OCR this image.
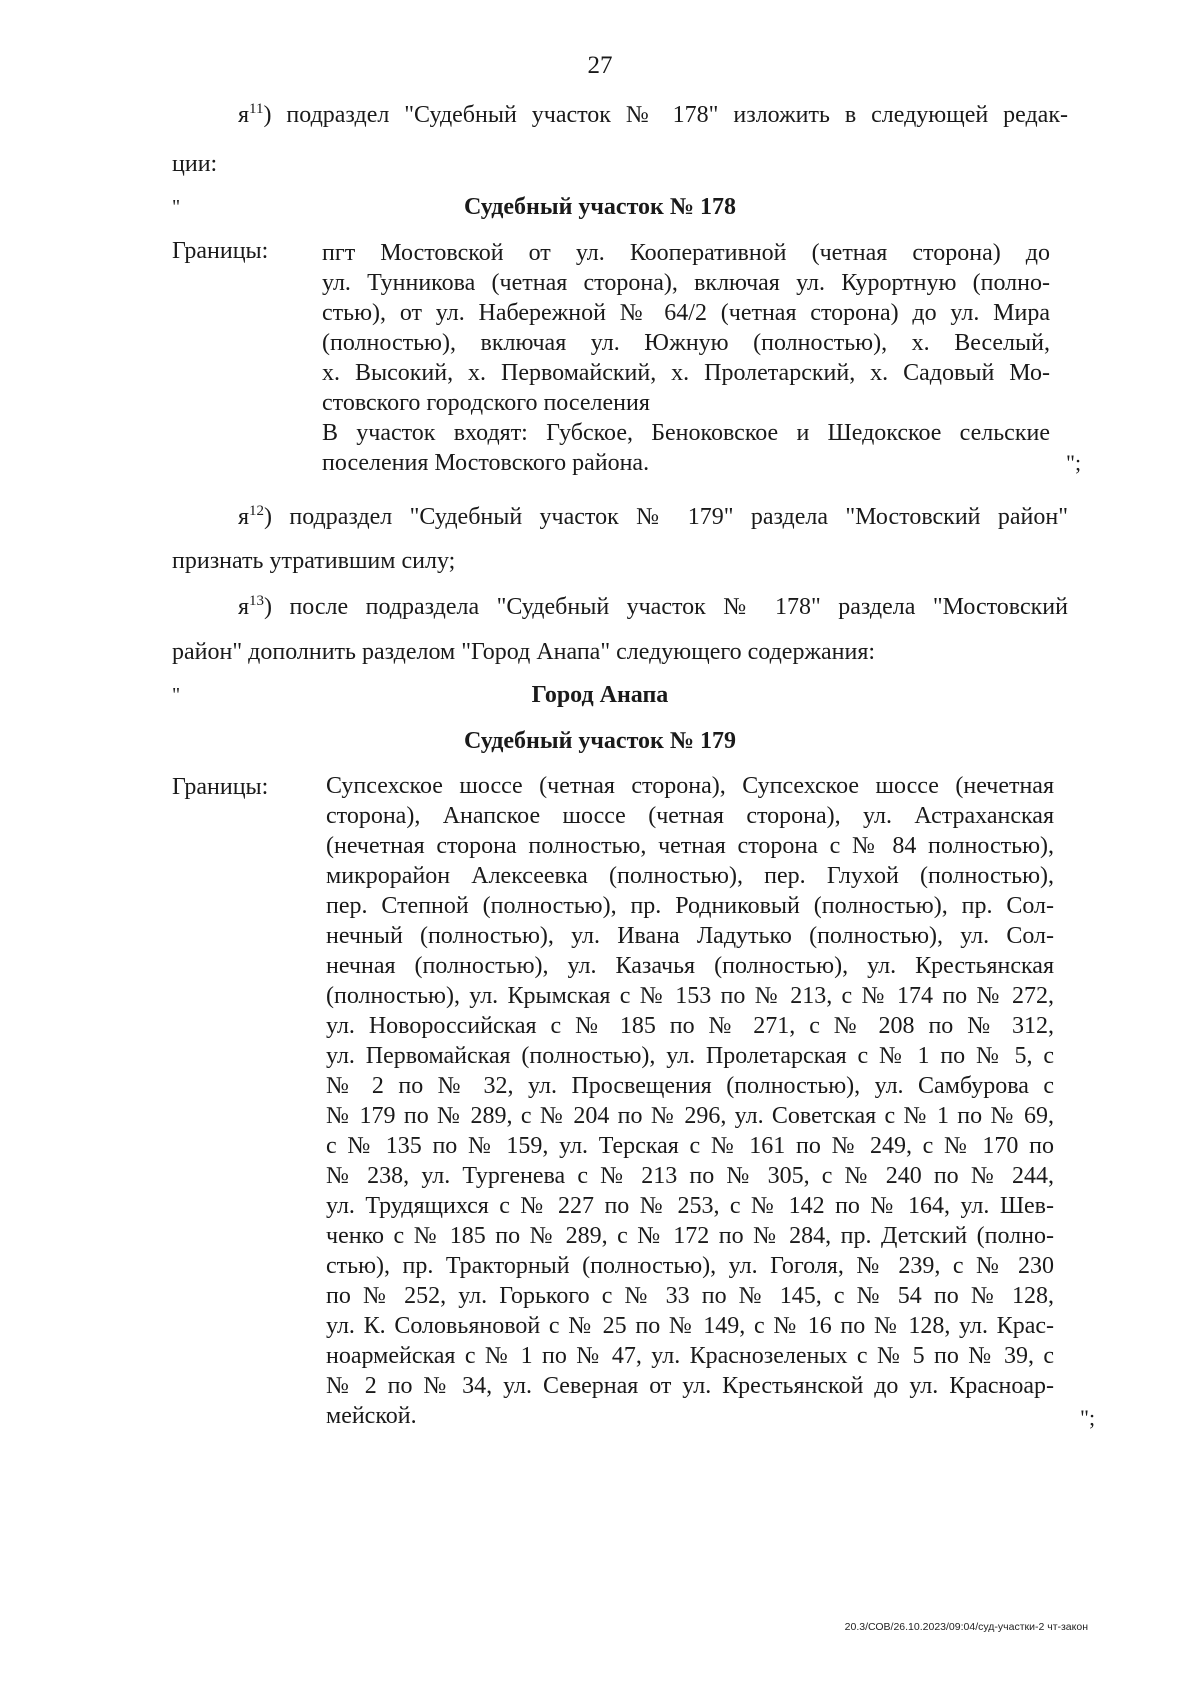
27
$я^{11}$) подраздел "Судебный участок № 178" изложить в следующей редак-
ции:
"	Судебный участок № 178
Границы: пгт Мостовской от ул. Кооперативной (четная сторона) до
ул. Тунникова (четная сторона), включая ул. Курортную (полно-
стью), от ул. Набережной № 64/2 (четная сторона) до ул. Мира
(полностью), включая ул. Южную (полностью), х. Веселый,
х. Высокий, х. Первомайский, х. Пролетарский, х. Садовый Мо-
стовского городского поселения
В участок входят: Губское, Беноковское и Шедокское сельские
поселения Мостовского района.	";
$я^{12}$) подраздел "Судебный участок № 179" раздела "Мостовский район"
признать утратившим силу;
$я^{13}$) после подраздела "Судебный участок № 178" раздела "Мостовский
район" дополнить разделом "Город Анапа" следующего содержания:
"	Город Анапа
Судебный участок № 179
Границы: Супсехское шоссе (четная сторона), Супсехское шоссе (нечетная
сторона), Анапское шоссе (четная сторона), ул. Астраханская
(нечетная сторона полностью, четная сторона с № 84 полностью),
микрорайон Алексеевка (полностью), пер. Глухой (полностью),
пер. Степной (полностью), пр. Родниковый (полностью), пр. Сол-
нечный (полностью), ул. Ивана Ладутько (полностью), ул. Сол-
нечная (полностью), ул. Казачья (полностью), ул. Крестьянская
(полностью), ул. Крымская с № 153 по № 213, с № 174 по № 272,
ул. Новороссийская с № 185 по № 271, с № 208 по № 312,
ул. Первомайская (полностью), ул. Пролетарская с № 1 по № 5, с
№ 2 по № 32, ул. Просвещения (полностью), ул. Самбурова с
№ 179 по № 289, с № 204 по № 296, ул. Советская с № 1 по № 69,
с № 135 по № 159, ул. Терская с № 161 по № 249, с № 170 по
№ 238, ул. Тургенева с № 213 по № 305, с № 240 по № 244,
ул. Трудящихся с № 227 по № 253, с № 142 по № 164, ул. Шев-
ченко с № 185 по № 289, с № 172 по № 284, пр. Детский (полно-
стью), пр. Тракторный (полностью), ул. Гоголя, № 239, с № 230
по № 252, ул. Горького с № 33 по № 145, с № 54 по № 128,
ул. К. Соловьяновой с № 25 по № 149, с № 16 по № 128, ул. Крас-
ноармейская с № 1 по № 47, ул. Краснозеленых с № 5 по № 39, с
№ 2 по № 34, ул. Северная от ул. Крестьянской до ул. Красноар-
мейской.	";
20.3/СОВ/26.10.2023/09:04/суд-участки-2 чт-закон
